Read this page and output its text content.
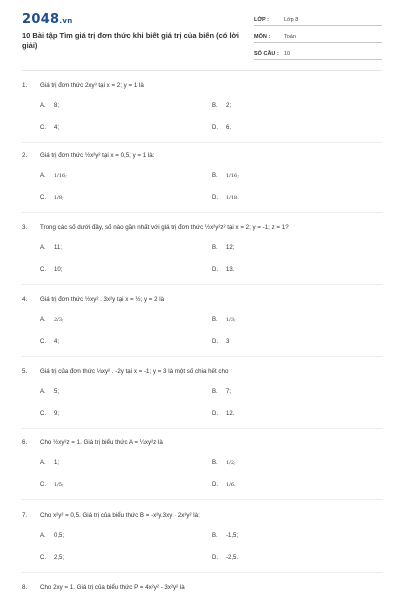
2048.vn
10 Bài tập Tìm giá trị đơn thức khi biết giá trị của biến (có lời giải)
LỚP :	Lớp 8
MÔN :	Toán
SỐ CÂU : 10
1.	Giá trị đơn thức 2xy³ tại x = 2; y = 1 là
A. 8;	B. 2;
C. 4;	D. 6.
2.	Giá trị đơn thức ½x²y² tại x = 0,5; y = 1 là:
A. 1/16;	B. 1/16;
C. 1/8;	D. 1/18.
3.	Trong các số dưới đây, số nào gần nhất với giá trị đơn thức ½x²y²z² tại x = 2; y = -1; z = 1?
A. 11;	B. 12;
C. 10;	D. 13.
4.	Giá trị đơn thức ½xy² . 3x²y tại x = ½; y = 2 là
A. 2/3;	B. 1/3;
C. 4;	D. 3
5.	Giá trị của đơn thức ⅓xy² . -2y tại x = -1; y = 3 là một số chia hết cho
A. 5;	B. 7;
C. 9;	D. 12.
6.	Cho ½xy²z = 1. Giá trị biểu thức A = ¼xy²z là
A. 1;	B. 1/2;
C. 1/5;	D. 1/6.
7.	Cho x²y² = 0,5. Giá trị của biểu thức B = -x²y.3xy · 2x³y² là:
A. 0,5;	B. -1,5;
C. 2,5;	D. -2,5.
8.	Cho 2xy = 1. Giá trị của biểu thức P = 4x²y² - 3x²y² là
